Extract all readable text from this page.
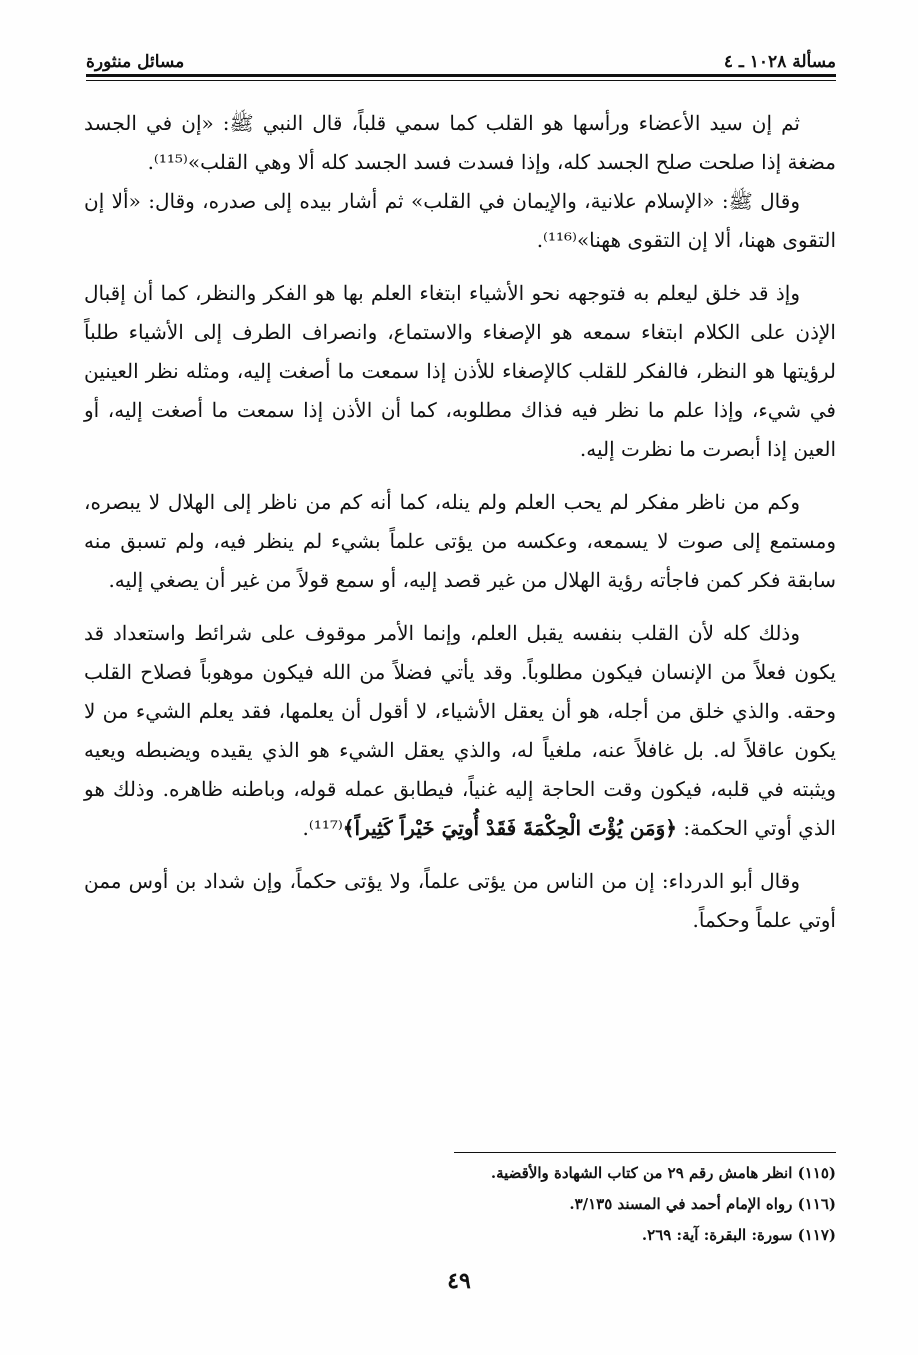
مسألة ١٠٢٨ ـ ٤
مسائل منثورة

ثم إن سيد الأعضاء ورأسها هو القلب كما سمي قلباً، قال النبي ﷺ: «إن في الجسد مضغة إذا صلحت صلح الجسد كله، وإذا فسدت فسد الجسد كله ألا وهي القلب»⁽¹¹⁵⁾.

وقال ﷺ: «الإسلام علانية، والإيمان في القلب» ثم أشار بيده إلى صدره، وقال: «ألا إن التقوى ههنا، ألا إن التقوى ههنا»⁽¹¹⁶⁾.

وإذ قد خلق ليعلم به فتوجهه نحو الأشياء ابتغاء العلم بها هو الفكر والنظر، كما أن إقبال الإذن على الكلام ابتغاء سمعه هو الإصغاء والاستماع، وانصراف الطرف إلى الأشياء طلباً لرؤيتها هو النظر، فالفكر للقلب كالإصغاء للأذن إذا سمعت ما أصغت إليه، ومثله نظر العينين في شيء، وإذا علم ما نظر فيه فذاك مطلوبه، كما أن الأذن إذا سمعت ما أصغت إليه، أو العين إذا أبصرت ما نظرت إليه.

وكم من ناظر مفكر لم يحب العلم ولم ينله، كما أنه كم من ناظر إلى الهلال لا يبصره، ومستمع إلى صوت لا يسمعه، وعكسه من يؤتى علماً بشيء لم ينظر فيه، ولم تسبق منه سابقة فكر كمن فاجأته رؤية الهلال من غير قصد إليه، أو سمع قولاً من غير أن يصغي إليه.

وذلك كله لأن القلب بنفسه يقبل العلم، وإنما الأمر موقوف على شرائط واستعداد قد يكون فعلاً من الإنسان فيكون مطلوباً. وقد يأتي فضلاً من الله فيكون موهوباً فصلاح القلب وحقه. والذي خلق من أجله، هو أن يعقل الأشياء، لا أقول أن يعلمها، فقد يعلم الشيء من لا يكون عاقلاً له. بل غافلاً عنه، ملغياً له، والذي يعقل الشيء هو الذي يقيده ويضبطه ويعيه ويثبته في قلبه، فيكون وقت الحاجة إليه غنياً، فيطابق عمله قوله، وباطنه ظاهره. وذلك هو الذي أوتي الحكمة: ﴿وَمَن يُؤْتَ الْحِكْمَةَ فَقَدْ أُوتِيَ خَيْراً كَثِيراً﴾⁽¹¹⁷⁾.

وقال أبو الدرداء: إن من الناس من يؤتى علماً، ولا يؤتى حكماً، وإن شداد بن أوس ممن أوتي علماً وحكماً.

(١١٥) انظر هامش رقم ٢٩ من كتاب الشهادة والأقضية.
(١١٦) رواه الإمام أحمد في المسند ٣/١٣٥.
(١١٧) سورة: البقرة: آية: ٢٦٩.
٤٩
